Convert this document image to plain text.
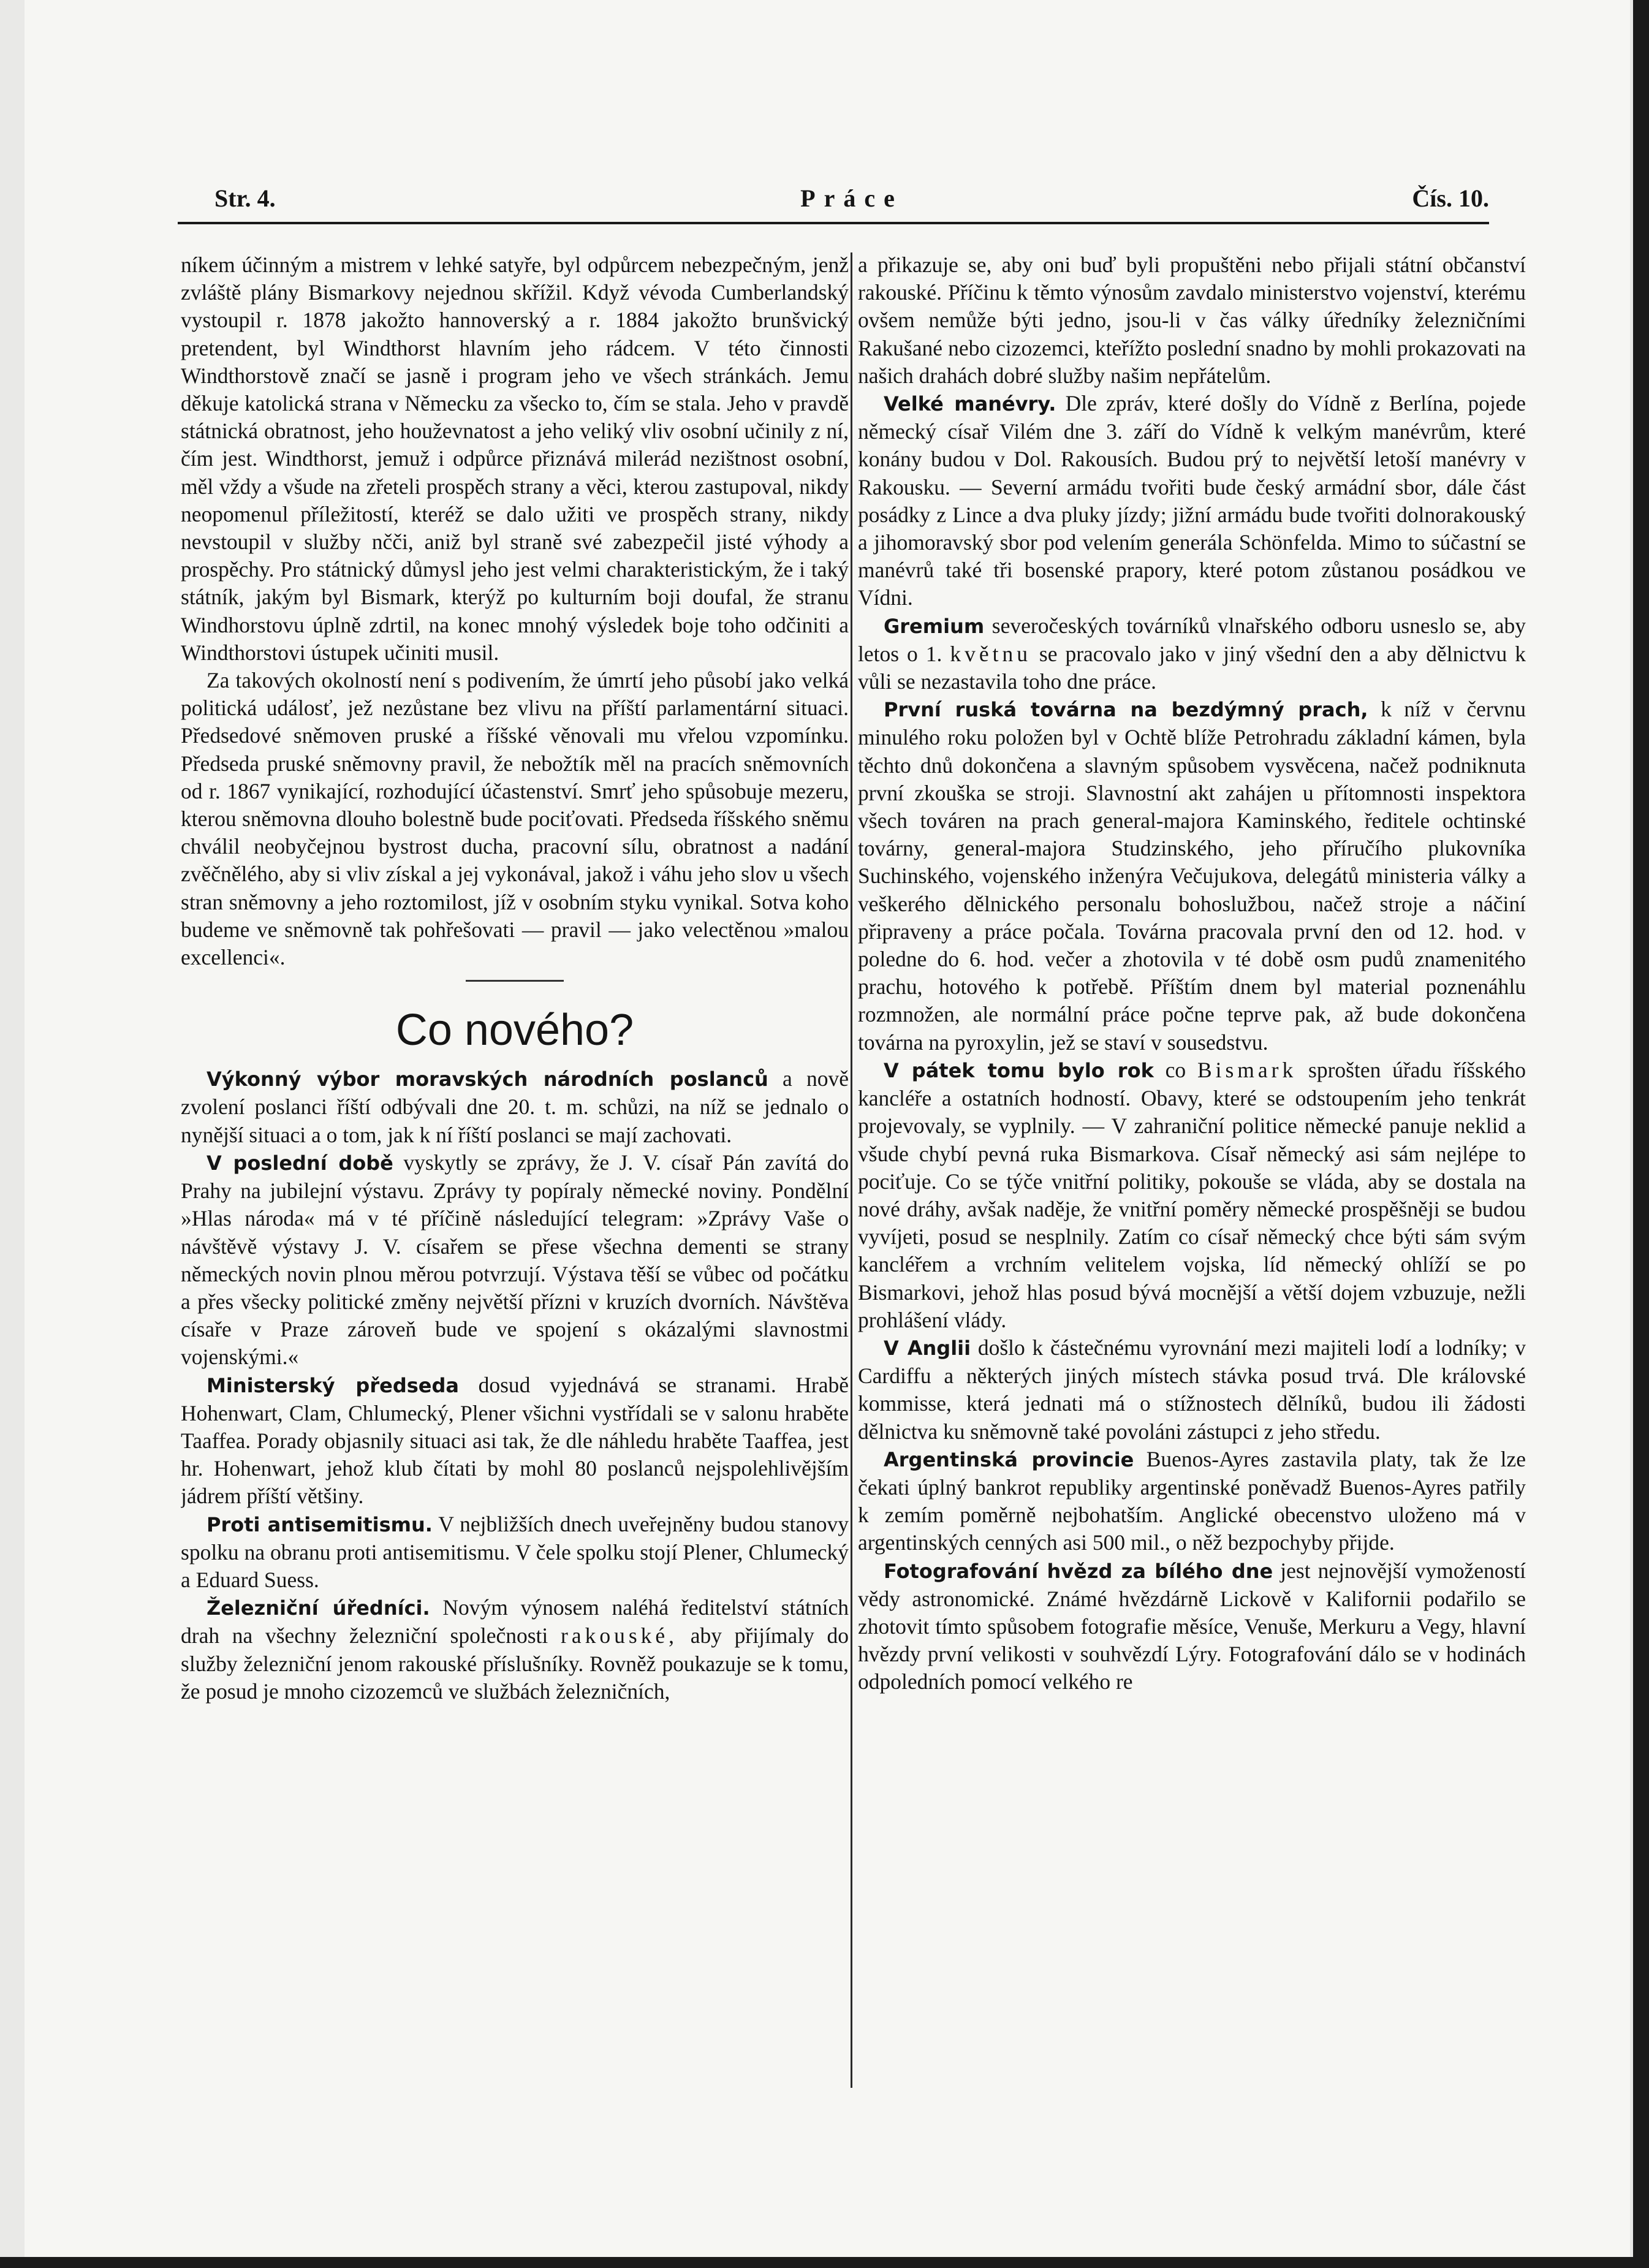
Str. 4.	Práce	Čís. 10.

níkem účinným a mistrem v lehké satyře, byl odpůrcem nebezpečným, jenž zvláště plány Bismarkovy nejednou skřížil. Když vévoda Cumberlandský vystoupil r. 1878 jakožto hannoverský a r. 1884 jakožto brunšvický pretendent, byl Windthorst hlavním jeho rádcem. V této činnosti Windthorstově značí se jasně i program jeho ve všech stránkách. Jemu děkuje katolická strana v Německu za všecko to, čím se stala. Jeho v pravdě státnická obratnost, jeho houževnatost a jeho veliký vliv osobní učinily z ní, čím jest. Windthorst, jemuž i odpůrce přiznává milerád nezištnost osobní, měl vždy a všude na zřeteli prospěch strany a věci, kterou zastupoval, nikdy neopomenul příležitostí, kteréž se dalo užiti ve prospěch strany, nikdy nevstoupil v služby nčči, aniž byl straně své zabezpečil jisté výhody a prospěchy. Pro státnický důmysl jeho jest velmi charakteristickým, že i taký státník, jakým byl Bismark, kterýž po kulturním boji doufal, že stranu Windhorstovu úplně zdrtil, na konec mnohý výsledek boje toho odčiniti a Windthorstovi ústupek učiniti musil.

Za takových okolností není s podivením, že úmrtí jeho působí jako velká politická událosť, jež nezůstane bez vlivu na příští parlamentární situaci. Předsedové sněmoven pruské a říšské věnovali mu vřelou vzpomínku. Předseda pruské sněmovny pravil, že nebožtík měl na pracích sněmovních od r. 1867 vynikající, rozhodující účastenství. Smrť jeho spůsobuje mezeru, kterou sněmovna dlouho bolestně bude pociťovati. Předseda říšského sněmu chválil neobyčejnou bystrost ducha, pracovní sílu, obratnost a nadání zvěčnělého, aby si vliv získal a jej vykonával, jakož i váhu jeho slov u všech stran sněmovny a jeho roztomilost, jíž v osobním styku vynikal. Sotva koho budeme ve sněmovně tak pohřešovati — pravil — jako velectěnou »malou excellenci«.

Co nového?

Výkonný výbor moravských národních poslanců a nově zvolení poslanci říští odbývali dne 20. t. m. schůzi, na níž se jednalo o nynější situaci a o tom, jak k ní říští poslanci se mají zachovati.

V poslední době vyskytly se zprávy, že J. V. císař Pán zavítá do Prahy na jubilejní výstavu. Zprávy ty popíraly německé noviny. Pondělní »Hlas národa« má v té příčině následující telegram: »Zprávy Vaše o návštěvě výstavy J. V. císařem se přese všechna dementi se strany německých novin plnou měrou potvrzují. Výstava těší se vůbec od počátku a přes všecky politické změny největší přízni v kruzích dvorních. Návštěva císaře v Praze zároveň bude ve spojení s okázalými slavnostmi vojenskými.«

Ministerský předseda dosud vyjednává se stranami. Hrabě Hohenwart, Clam, Chlumecký, Plener všichni vystřídali se v salonu hraběte Taaffea. Porady objasnily situaci asi tak, že dle náhledu hraběte Taaffea, jest hr. Hohenwart, jehož klub čítati by mohl 80 poslanců nejspolehlivějším jádrem příští většiny.

Proti antisemitismu. V nejbližších dnech uveřejněny budou stanovy spolku na obranu proti antisemitismu. V čele spolku stojí Plener, Chlumecký a Eduard Suess.

Železniční úředníci. Novým výnosem naléhá ředitelství státních drah na všechny železniční společnosti rakouské, aby přijímaly do služby železniční jenom rakouské příslušníky. Rovněž poukazuje se k tomu, že posud je mnoho cizozemců ve službách železničních,

a přikazuje se, aby oni buď byli propuštěni nebo přijali státní občanství rakouské. Příčinu k těmto výnosům zavdalo ministerstvo vojenství, kterému ovšem nemůže býti jedno, jsou-li v čas války úředníky železničními Rakušané nebo cizozemci, kteřížto poslední snadno by mohli prokazovati na našich drahách dobré služby našim nepřátelům.

Velké manévry. Dle zpráv, které došly do Vídně z Berlína, pojede německý císař Vilém dne 3. září do Vídně k velkým manévrům, které konány budou v Dol. Rakousích. Budou prý to největší letoší manévry v Rakousku. — Severní armádu tvořiti bude český armádní sbor, dále část posádky z Lince a dva pluky jízdy; jižní armádu bude tvořiti dolnorakouský a jihomoravský sbor pod velením generála Schönfelda. Mimo to súčastní se manévrů také tři bosenské prapory, které potom zůstanou posádkou ve Vídni.

Gremium severočeských továrníků vlnařského odboru usneslo se, aby letos o 1. květnu se pracovalo jako v jiný všední den a aby dělnictvu k vůli se nezastavila toho dne práce.

První ruská továrna na bezdýmný prach, k níž v červnu minulého roku položen byl v Ochtě blíže Petrohradu základní kámen, byla těchto dnů dokončena a slavným spůsobem vysvěcena, načež podniknuta první zkouška se stroji. Slavnostní akt zahájen u přítomnosti inspektora všech továren na prach general-majora Kaminského, ředitele ochtinské továrny, general-majora Studzinského, jeho příručího plukovníka Suchinského, vojenského inženýra Večujukova, delegátů ministeria války a veškerého dělnického personalu bohoslužbou, načež stroje a náčiní připraveny a práce počala. Továrna pracovala první den od 12. hod. v poledne do 6. hod. večer a zhotovila v té době osm pudů znamenitého prachu, hotového k potřebě. Příštím dnem byl material poznenáhlu rozmnožen, ale normální práce počne teprve pak, až bude dokončena továrna na pyroxylin, jež se staví v sousedstvu.

V pátek tomu bylo rok co Bismark sprošten úřadu říšského kancléře a ostatních hodností. Obavy, které se odstoupením jeho tenkrát projevovaly, se vyplnily. — V zahraniční politice německé panuje neklid a všude chybí pevná ruka Bismarkova. Císař německý asi sám nejlépe to pociťuje. Co se týče vnitřní politiky, pokouše se vláda, aby se dostala na nové dráhy, avšak naděje, že vnitřní poměry německé prospěšněji se budou vyvíjeti, posud se nesplnily. Zatím co císař německý chce býti sám svým kancléřem a vrchním velitelem vojska, líd německý ohlíží se po Bismarkovi, jehož hlas posud bývá mocnější a větší dojem vzbuzuje, nežli prohlášení vlády.

V Anglii došlo k částečnému vyrovnání mezi majiteli lodí a lodníky; v Cardiffu a některých jiných místech stávka posud trvá. Dle královské kommisse, která jednati má o stížnostech dělníků, budou ili žádosti dělnictva ku sněmovně také povoláni zástupci z jeho středu.

Argentinská provincie Buenos-Ayres zastavila platy, tak že lze čekati úplný bankrot republiky argentinské poněvadž Buenos-Ayres patřily k zemím poměrně nejbohatším. Anglické obecenstvo uloženo má v argentinských cenných asi 500 mil., o něž bezpochyby přijde.

Fotografování hvězd za bílého dne jest nejnovější vymožeností vědy astronomické. Známé hvězdárně Lickově v Kalifornii podařilo se zhotovit tímto spůsobem fotografie měsíce, Venuše, Merkuru a Vegy, hlavní hvězdy první velikosti v souhvězdí Lýry. Fotografování dálo se v hodinách odpoledních pomocí velkého re
